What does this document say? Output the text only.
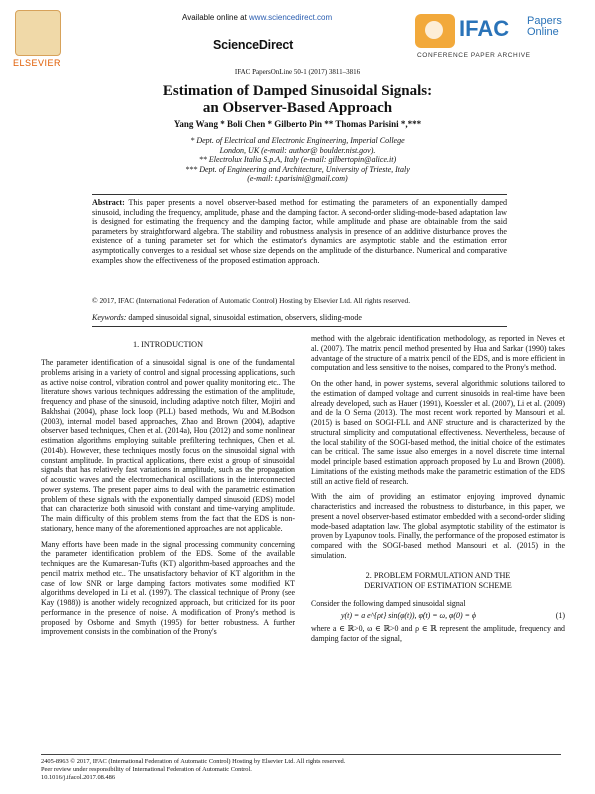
ELSEVIER
Available online at www.sciencedirect.com
ScienceDirect
IFAC Papers
Online
CONFERENCE PAPER ARCHIVE
IFAC PapersOnLine 50-1 (2017) 3811–3816
Estimation of Damped Sinusoidal Signals:
an Observer-Based Approach
Yang Wang * Boli Chen * Gilberto Pin ** Thomas Parisini *,***
* Dept. of Electrical and Electronic Engineering, Imperial College
London, UK (e-mail: author@ boulder.nist.gov).
** Electrolux Italia S.p.A, Italy (e-mail: gilbertopin@alice.it)
*** Dept. of Engineering and Architecture, University of Trieste, Italy
(e-mail: t.parisini@gmail.com)
Abstract: This paper presents a novel observer-based method for estimating the parameters of an exponentially damped sinusoid, including the frequency, amplitude, phase and the damping factor. A second-order sliding-mode-based adaptation law is designed for estimating the frequency and the damping factor, while amplitude and phase are obtainable from the said parameters by straightforward algebra. The stability and robustness analysis in presence of an additive disturbance proves the existence of a tuning parameter set for which the estimator's dynamics are asymptotic stable and the estimation error asymptotically converges to a residual set whose size depends on the amplitude of the disturbance. Numerical and comparative examples show the effectiveness of the proposed estimation approach.
© 2017, IFAC (International Federation of Automatic Control) Hosting by Elsevier Ltd. All rights reserved.
Keywords: damped sinusoidal signal, sinusoidal estimation, observers, sliding-mode
1. INTRODUCTION

The parameter identification of a sinusoidal signal is one of the fundamental problems arising in a variety of control and signal processing applications, such as active noise control, vibration control and power quality monitoring etc.. The literature shows various techniques addressing the estimation of the amplitude, frequency and phase of the sinusoid, including adaptive notch filter, Mojiri and Bakhshai (2004), phase lock loop (PLL) based methods, Wu and M.Bodson (2003), internal model based approaches, Zhao and Brown (2004), adaptive observer based techniques, Chen et al. (2014a), Hou (2012) and some nonlinear estimation algorithms employing suitable prefiltering techniques, Chen et al. (2014b). However, these techniques mostly focus on the sinusoidal signal with constant amplitude. In practical applications, there exist a group of sinusoidal signals that has relatively fast variations in amplitude, such as the propagation of acoustic waves and the electromechanical oscillations in the interconnected power systems. The present paper aims to deal with the parametric estimation problem of these signals with the exponentially damped sinusoid (EDS) model that can characterize both sinusoid with constant and time-varying amplitude. The main difficulty of this problem stems from the fact that the EDS is non-stationary, hence many of the aforementioned approaches are not applicable.

Many efforts have been made in the signal processing community concerning the parameter identification problem of the EDS. Some of the available techniques are the Kumaresan-Tufts (KT) algorithm-based approaches and the pencil matrix method etc.. The unsatisfactory behavior of KT algorithm in the case of low SNR or large damping factors motivates some modified KT algorithms developed in Li et al. (1997). The classical technique of Prony (see Kay (1988)) is another widely recognized approach, but criticized for its poor performance in the presence of noise. A modification of Prony's method is proposed by Osborne and Smyth (1995) for better robustness. A further improvement consists in the combination of the Prony's

method with the algebraic identification methodology, as reported in Neves et al. (2007). The matrix pencil method presented by Hua and Sarkar (1990) takes advantage of the structure of a matrix pencil of the EDS, and is more efficient in computation and less sensitive to the noises, compared to the Prony's method.

On the other hand, in power systems, several algorithmic solutions tailored to the estimation of damped voltage and current sinusoids in real-time have been already developed, such as Hauer (1991), Koessler et al. (2007), Li et al. (2009) and de la O Serna (2013). The most recent work reported by Mansouri et al. (2015) is based on SOGI-FLL and ANF structure and is characterized by the structural simplicity and computational effectiveness. Nevertheless, because of the local stability of the SOGI-based method, the initial choice of the estimates can be critical. The same issue also emerges in a novel discrete time internal model principle based estimation approach proposed by Lu and Brown (2008). Limitations of the existing methods make the parametric estimation of the EDS still an active field of research.

With the aim of providing an estimator enjoying improved dynamic characteristics and increased the robustness to disturbance, in this paper, we present a novel observer-based estimator embedded with a second-order sliding mode-based adaptation law. The global asymptotic stability of the estimator is proven by Lyapunov tools. Finally, the performance of the proposed estimator is compared with the SOGI-based method Mansouri et al. (2015) in the simulation.

2. PROBLEM FORMULATION AND THE
DERIVATION OF ESTIMATION SCHEME

Consider the following damped sinusoidal signal

y(t) = a e^{ρt} sin(φ(t)), φ̇(t) = ω, φ(0) = ϕ	(1)

where a ∈ ℝ>0, ω ∈ ℝ>0 and ρ ∈ ℝ represent the amplitude, frequency and damping factor of the signal,

2405-8963 © 2017, IFAC (International Federation of Automatic Control) Hosting by Elsevier Ltd. All rights reserved.
Peer review under responsibility of International Federation of Automatic Control.
10.1016/j.ifacol.2017.08.486
